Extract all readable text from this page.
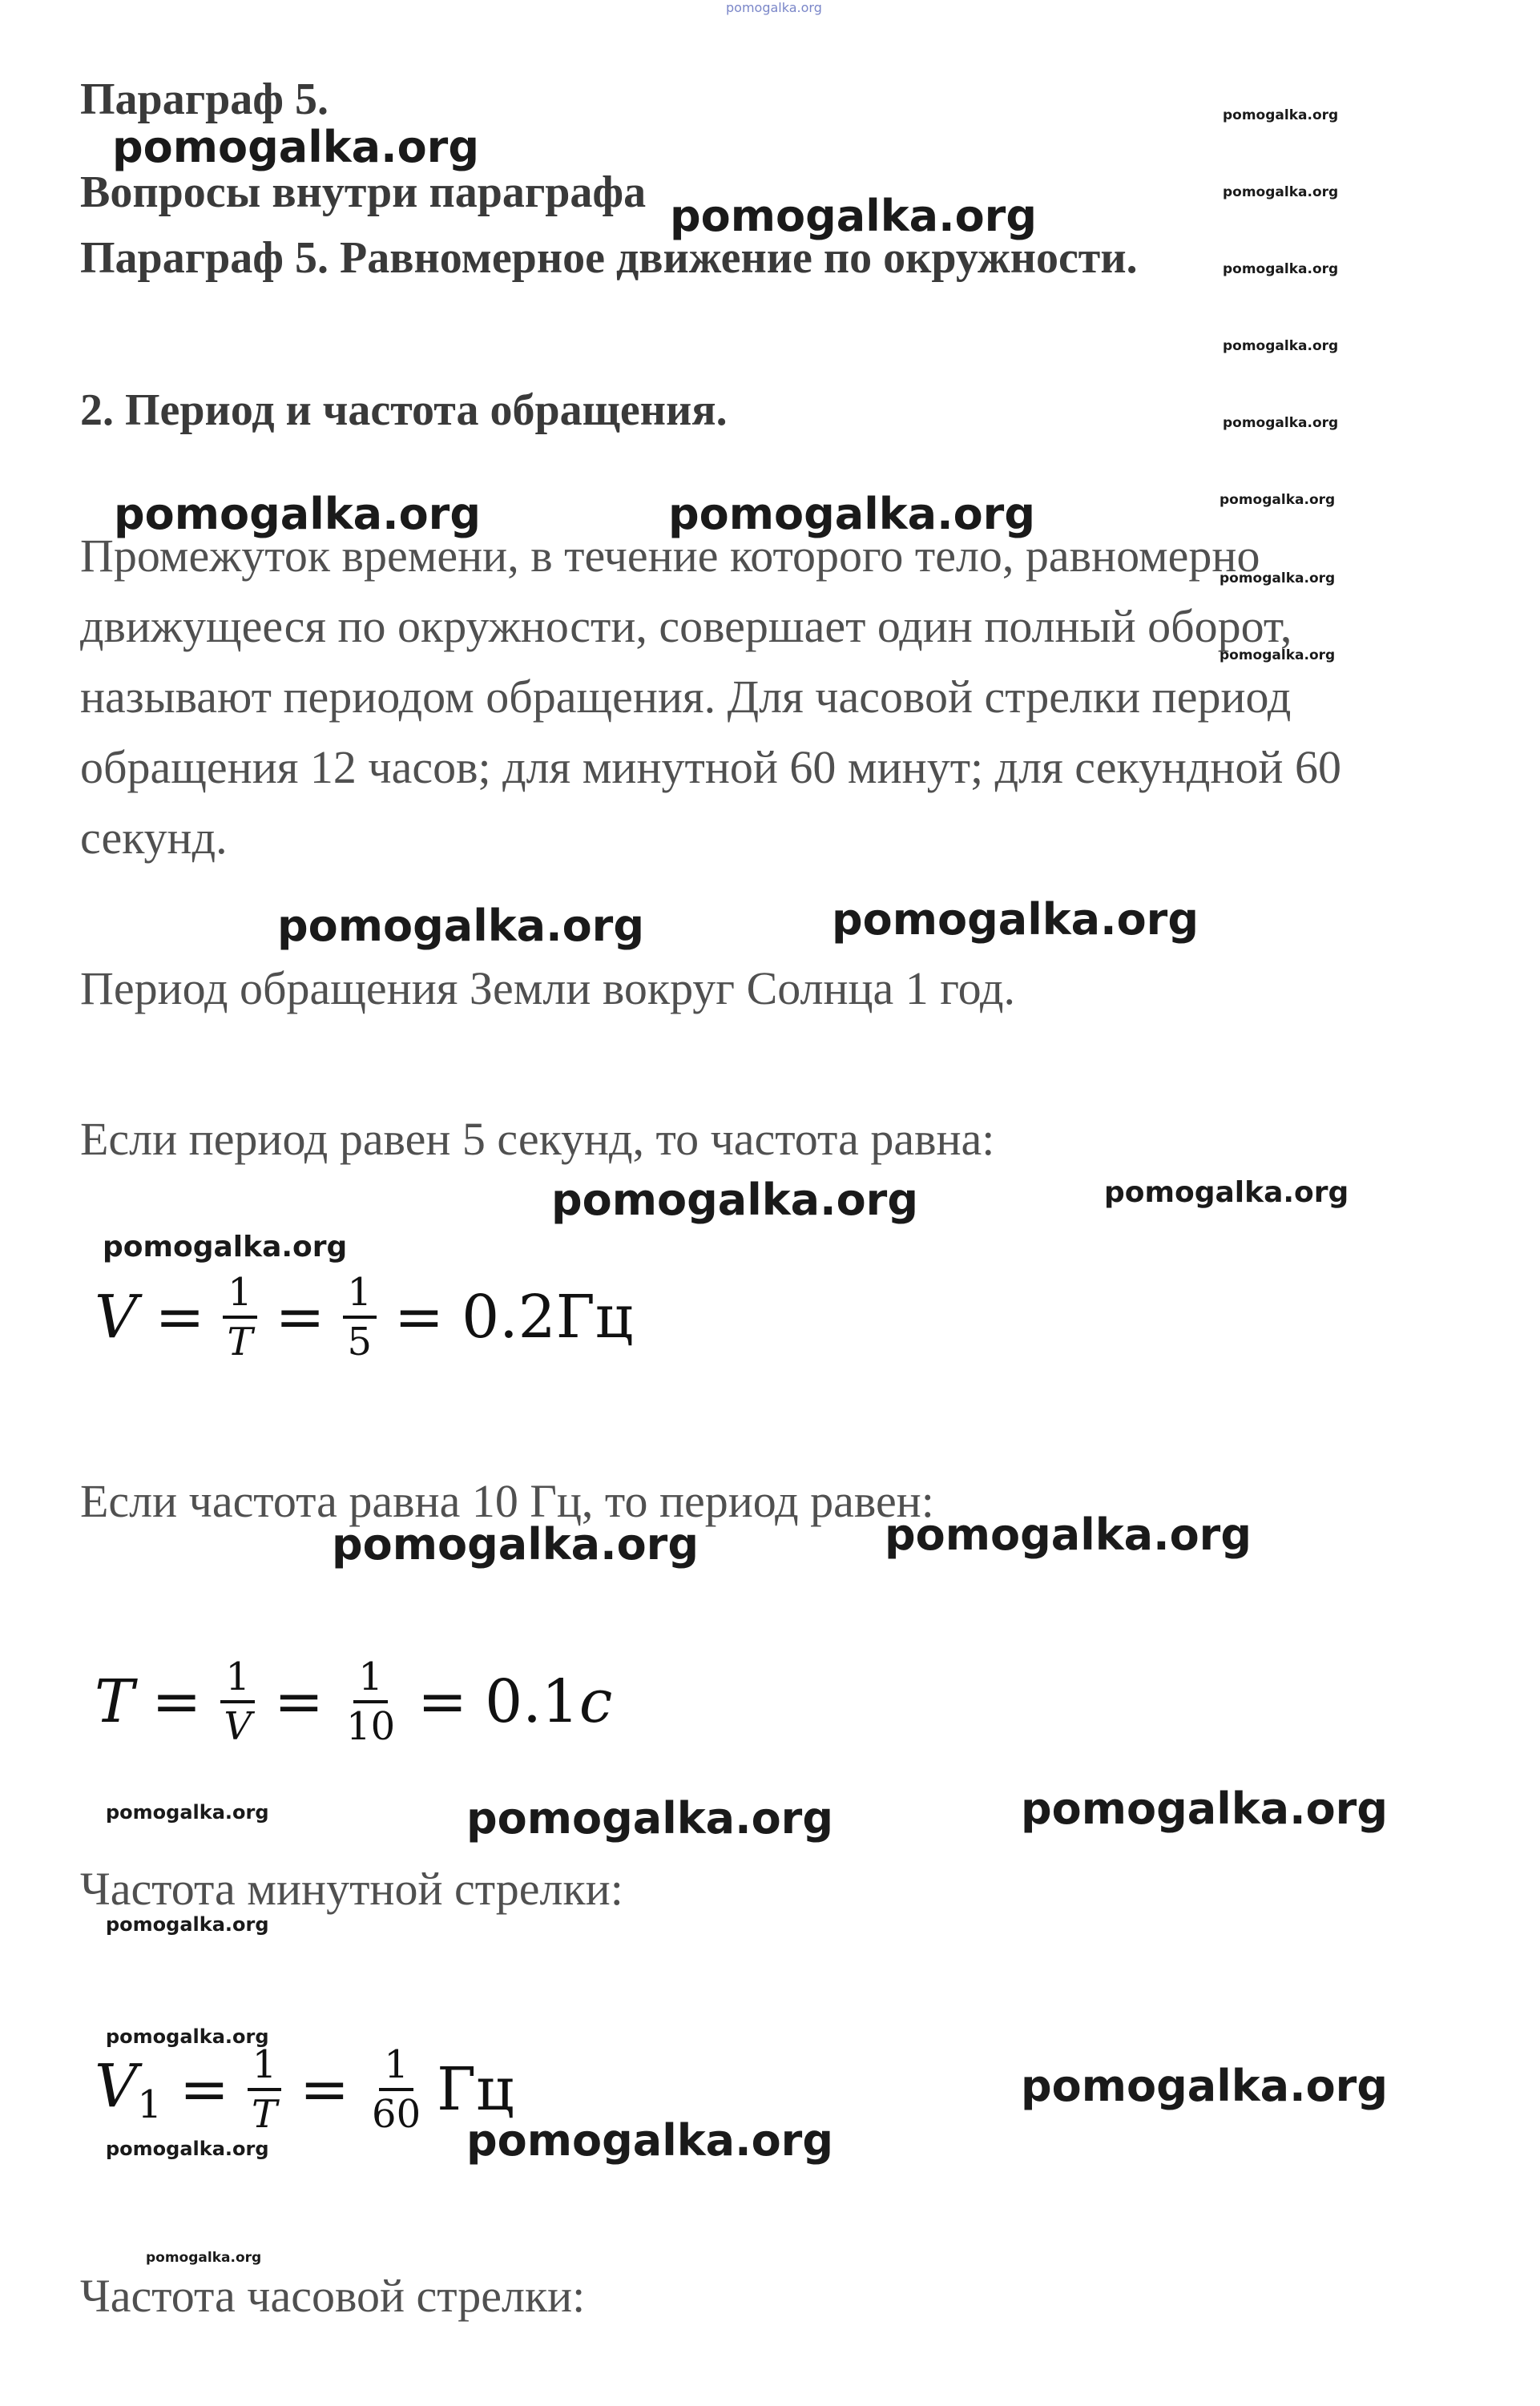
pomogalka.org
Параграф 5.
Вопросы внутри параграфа
Параграф 5. Равномерное движение по окружности.
2. Период и частота обращения.
Промежуток времени, в течение которого тело, равномерно движущееся по окружности, совершает один полный оборот, называют периодом обращения. Для часовой стрелки период обращения 12 часов; для минутной 60 минут; для секундной 60 секунд.
Период обращения Земли вокруг Солнца 1 год.
Если период равен 5 секунд, то частота равна:
$V = \frac{1}{T} = \frac{1}{5} = 0.2Гц$
Если частота равна 10 Гц, то период равен:
$T = \frac{1}{V} = \frac{1}{10} = 0.1$ c
Частота минутной стрелки:
$V_1 = \frac{1}{T} = \frac{1}{60}$ Гц
Частота часовой стрелки:
pomogalka.org
pomogalka.org
pomogalka.org	pomogalka.org
pomogalka.org	pomogalka.org
pomogalka.org	pomogalka.org
pomogalka.org
pomogalka.org	pomogalka.org
pomogalka.org	pomogalka.org	pomogalka.org
pomogalka.org
pomogalka.org
pomogalka.org
pomogalka.org	pomogalka.org
pomogalka.org
pomogalka.org
pomogalka.org
pomogalka.org
pomogalka.org
pomogalka.org
pomogalka.org
pomogalka.org
pomogalka.org
